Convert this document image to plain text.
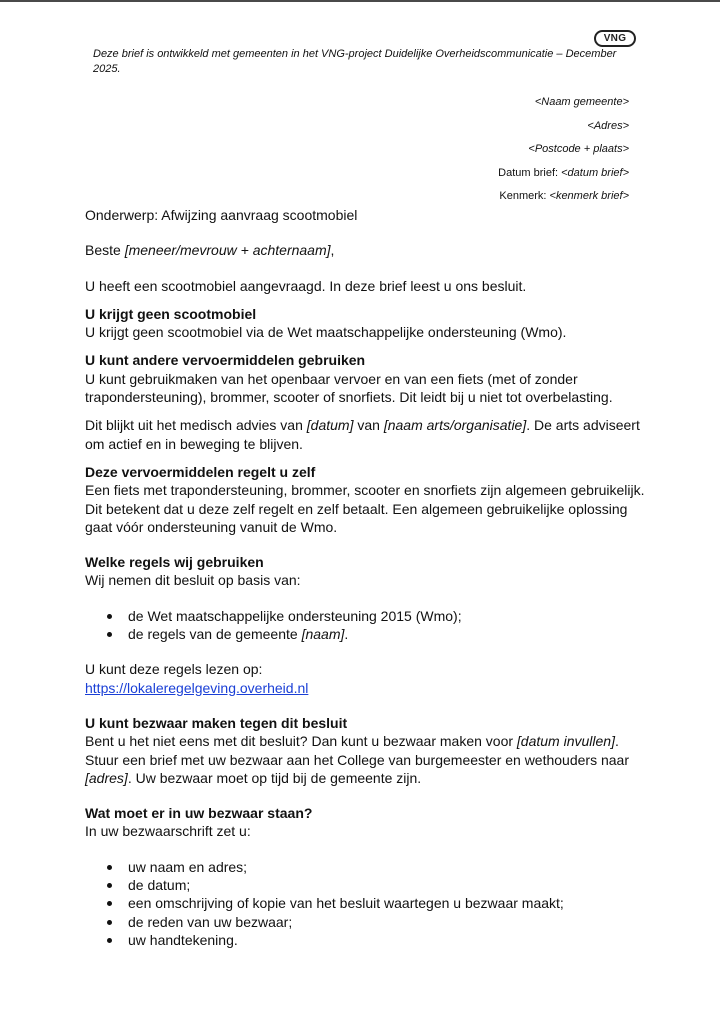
VNG
Deze brief is ontwikkeld met gemeenten in het VNG-project Duidelijke Overheidscommunicatie – December 2025.
<Naam gemeente>
<Adres>
<Postcode + plaats>
Datum brief: <datum brief>
Kenmerk: <kenmerk brief>

Onderwerp: Afwijzing aanvraag scootmobiel

Beste [meneer/mevrouw + achternaam],

U heeft een scootmobiel aangevraagd. In deze brief leest u ons besluit.

U krijgt geen scootmobiel

U krijgt geen scootmobiel via de Wet maatschappelijke ondersteuning (Wmo).

U kunt andere vervoermiddelen gebruiken

U kunt gebruikmaken van het openbaar vervoer en van een fiets (met of zonder trapondersteuning), brommer, scooter of snorfiets. Dit leidt bij u niet tot overbelasting.

Dit blijkt uit het medisch advies van [datum] van [naam arts/organisatie]. De arts adviseert om actief en in beweging te blijven.

Deze vervoermiddelen regelt u zelf

Een fiets met trapondersteuning, brommer, scooter en snorfiets zijn algemeen gebruikelijk. Dit betekent dat u deze zelf regelt en zelf betaalt. Een algemeen gebruikelijke oplossing gaat vóór ondersteuning vanuit de Wmo.

Welke regels wij gebruiken

Wij nemen dit besluit op basis van:

de Wet maatschappelijke ondersteuning 2015 (Wmo);
de regels van de gemeente [naam].

U kunt deze regels lezen op:

https://lokaleregelgeving.overheid.nl

U kunt bezwaar maken tegen dit besluit

Bent u het niet eens met dit besluit? Dan kunt u bezwaar maken voor [datum invullen]. Stuur een brief met uw bezwaar aan het College van burgemeester en wethouders naar [adres]. Uw bezwaar moet op tijd bij de gemeente zijn.

Wat moet er in uw bezwaar staan?

In uw bezwaarschrift zet u:

uw naam en adres;
de datum;
een omschrijving of kopie van het besluit waartegen u bezwaar maakt;
de reden van uw bezwaar;
uw handtekening.
